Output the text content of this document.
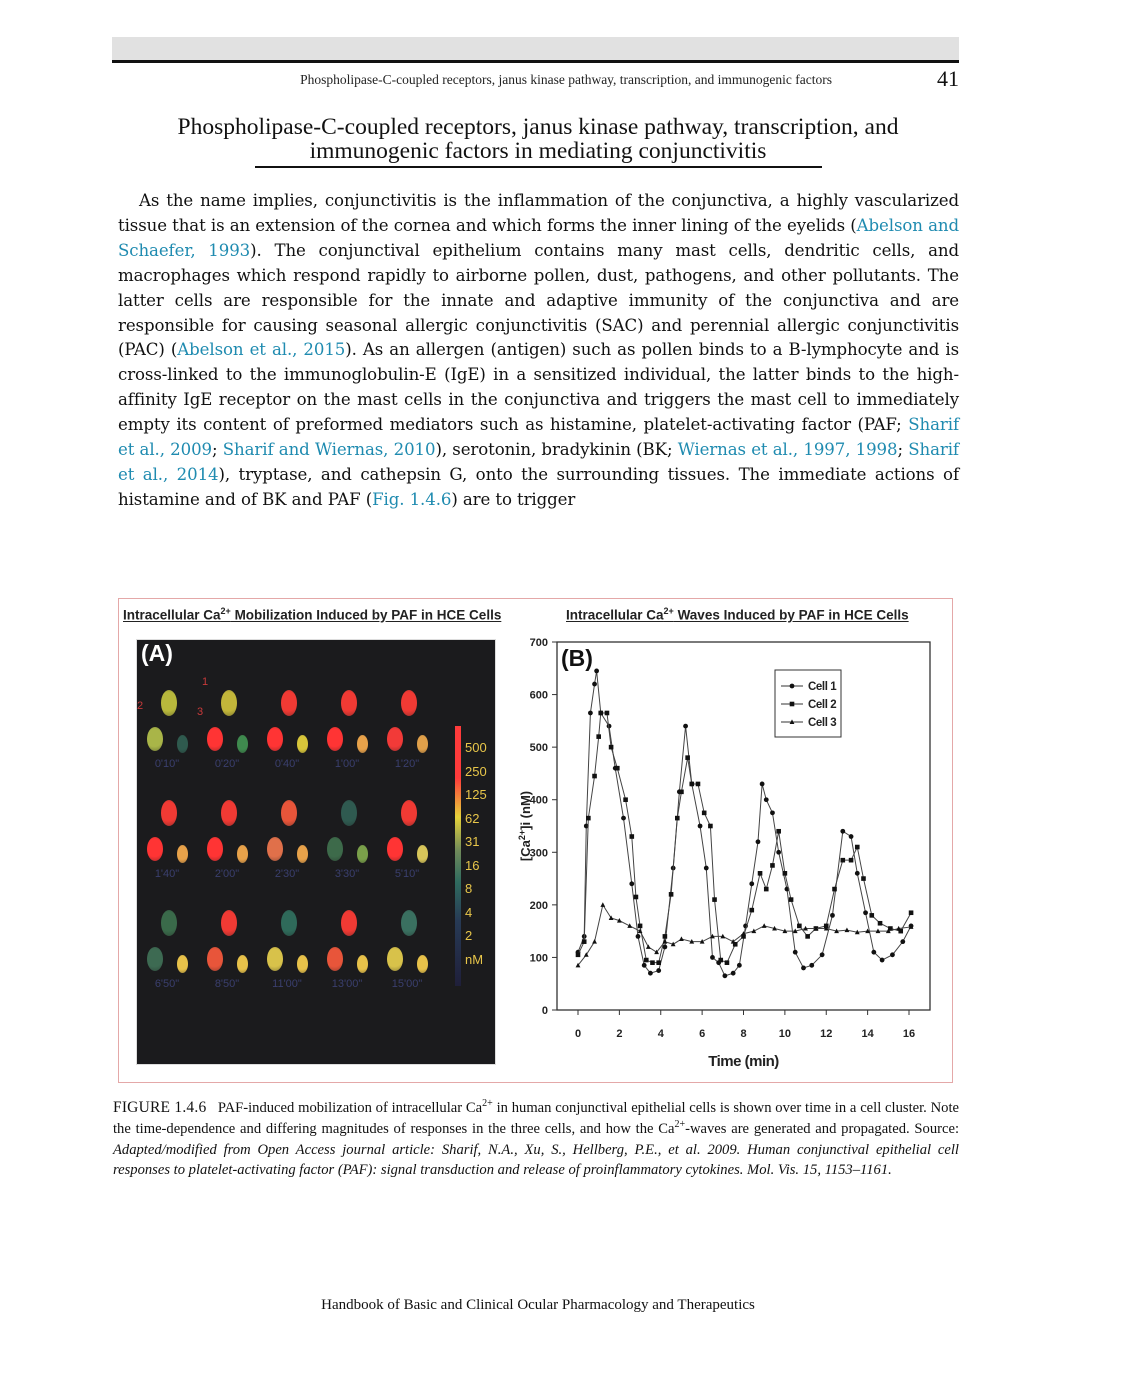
Phospholipase-C-coupled receptors, janus kinase pathway, transcription, and immunogenic factors	41
Phospholipase-C-coupled receptors, janus kinase pathway, transcription, and immunogenic factors in mediating conjunctivitis

As the name implies, conjunctivitis is the inflammation of the conjunctiva, a highly vascularized tissue that is an extension of the cornea and which forms the inner lining of the eyelids (Abelson and Schaefer, 1993). The conjunctival epithelium contains many mast cells, dendritic cells, and macrophages which respond rapidly to airborne pollen, dust, pathogens, and other pollutants. The latter cells are responsible for the innate and adaptive immunity of the conjunctiva and are responsible for causing seasonal allergic conjunctivitis (SAC) and perennial allergic conjunctivitis (PAC) (Abelson et al., 2015). As an allergen (antigen) such as pollen binds to a B-lymphocyte and is cross-linked to the immunoglobulin-E (IgE) in a sensitized individual, the latter binds to the high-affinity IgE receptor on the mast cells in the conjunctiva and triggers the mast cell to immediately empty its content of preformed mediators such as histamine, platelet-activating factor (PAF; Sharif et al., 2009; Sharif and Wiernas, 2010), serotonin, bradykinin (BK; Wiernas et al., 1997, 1998; Sharif et al., 2014), tryptase, and cathepsin G, onto the surrounding tissues. The immediate actions of histamine and of BK and PAF (Fig. 1.4.6) are to trigger

Intracellular $Ca^{2+}$ Mobilization Induced by PAF in HCE Cells	Intracellular $Ca^{2+}$ Waves Induced by PAF in HCE Cells
(A)
0'10"	0'20"	0'40"	1'00"	1'20"
1'40"	2'00"	2'30"	3'30"	5'10"
6'50"	8'50"	11'00"	13'00"	15'00"
1
2	3
500
250
125
62
31
16
8
4
2
nM
0
100
200
300
400
500
600
700
0	2	4	6	8	10	12	14	16
Time (min)
$[Ca^{2+}]i$ (nM)
(B)
Cell 1
Cell 2
Cell 3
FIGURE 1.4.6 PAF-induced mobilization of intracellular $Ca^{2+}$ in human conjunctival epithelial cells is shown over time in a cell cluster. Note the time-dependence and differing magnitudes of responses in the three cells, and how the $Ca^{2+}$-waves are generated and propagated. Source: Adapted/modified from Open Access journal article: Sharif, N.A., Xu, S., Hellberg, P.E., et al. 2009. Human conjunctival epithelial cell responses to platelet-activating factor (PAF): signal transduction and release of proinflammatory cytokines. Mol. Vis. 15, 1153–1161.
Handbook of Basic and Clinical Ocular Pharmacology and Therapeutics
